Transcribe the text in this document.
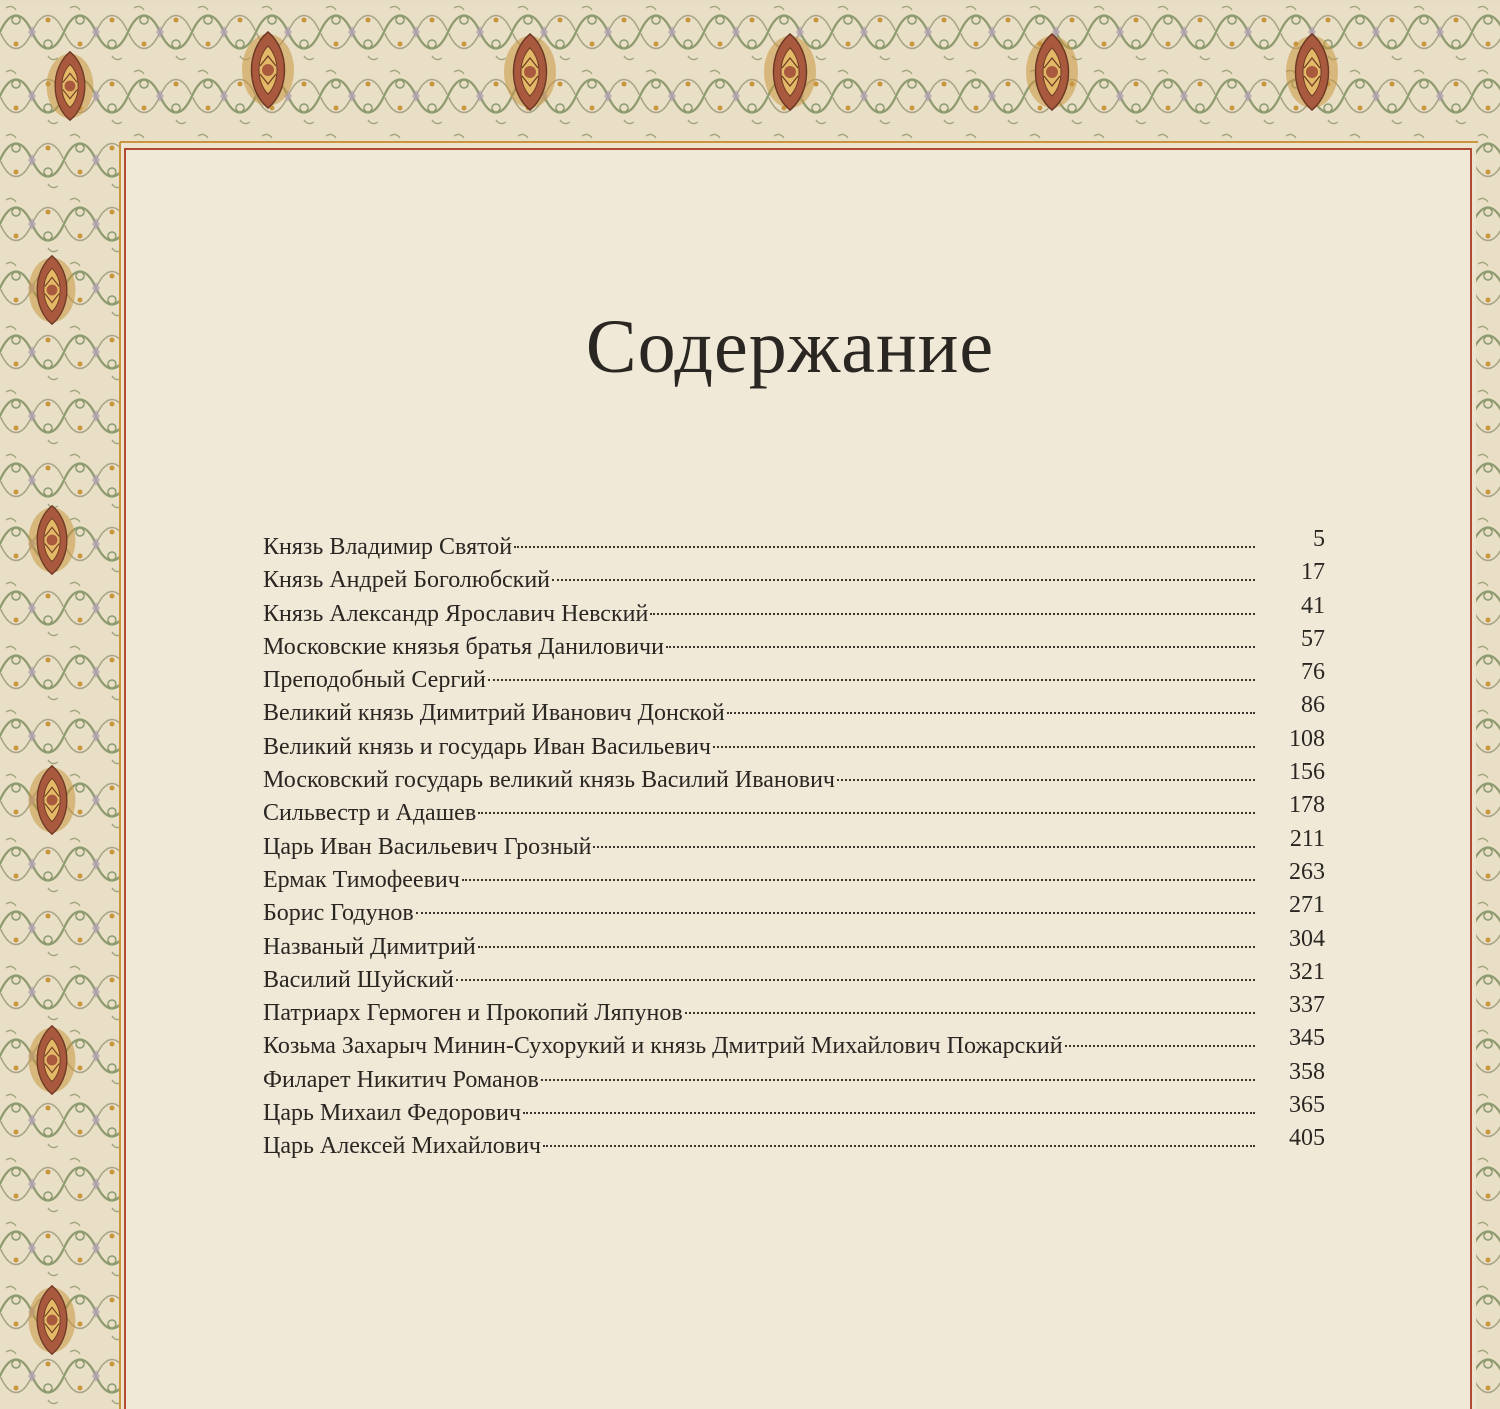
Содержание
Князь Владимир Святой	5
Князь Андрей Боголюбский	17
Князь Александр Ярославич Невский	41
Московские князья братья Даниловичи	57
Преподобный Сергий	76
Великий князь Димитрий Иванович Донской	86
Великий князь и государь Иван Васильевич	108
Московский государь великий князь Василий Иванович	156
Сильвестр и Адашев	178
Царь Иван Васильевич Грозный	211
Ермак Тимофеевич	263
Борис Годунов	271
Названый Димитрий	304
Василий Шуйский	321
Патриарх Гермоген и Прокопий Ляпунов	337
Козьма Захарыч Минин-Сухорукий и князь Дмитрий Михайлович Пожарский	345
Филарет Никитич Романов	358
Царь Михаил Федорович	365
Царь Алексей Михайлович	405
